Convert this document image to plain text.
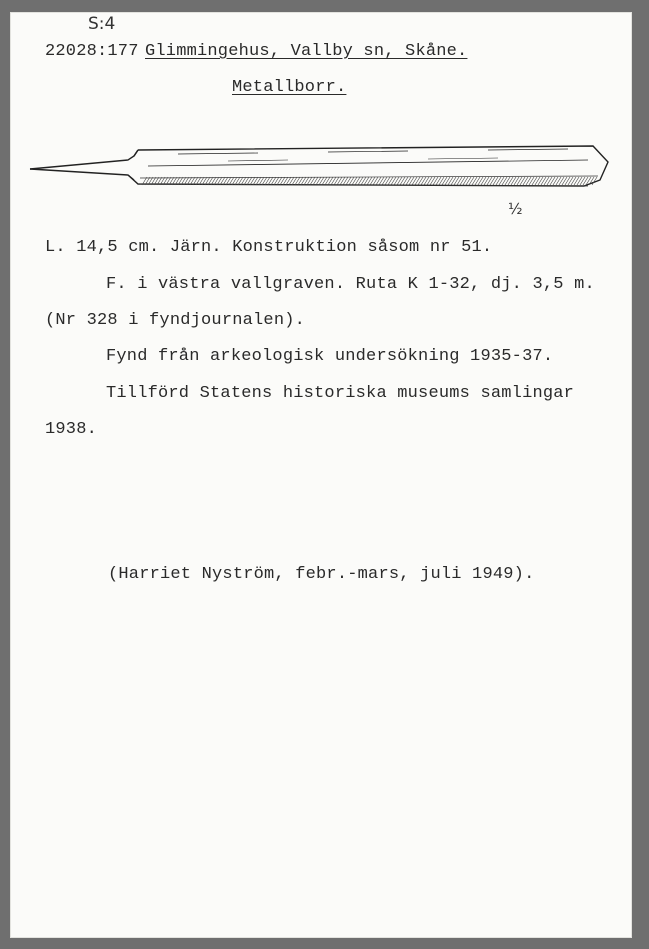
S:4
22028:177 Glimmingehus, Vallby sn, Skåne.
Metallborr.
½
L. 14,5 cm. Järn. Konstruktion såsom nr 51.
F. i västra vallgraven. Ruta K 1-32, dj. 3,5 m.
(Nr 328 i fyndjournalen).
Fynd från arkeologisk undersökning 1935-37.
Tillförd Statens historiska museums samlingar
1938.
(Harriet Nyström, febr.-mars, juli 1949).
